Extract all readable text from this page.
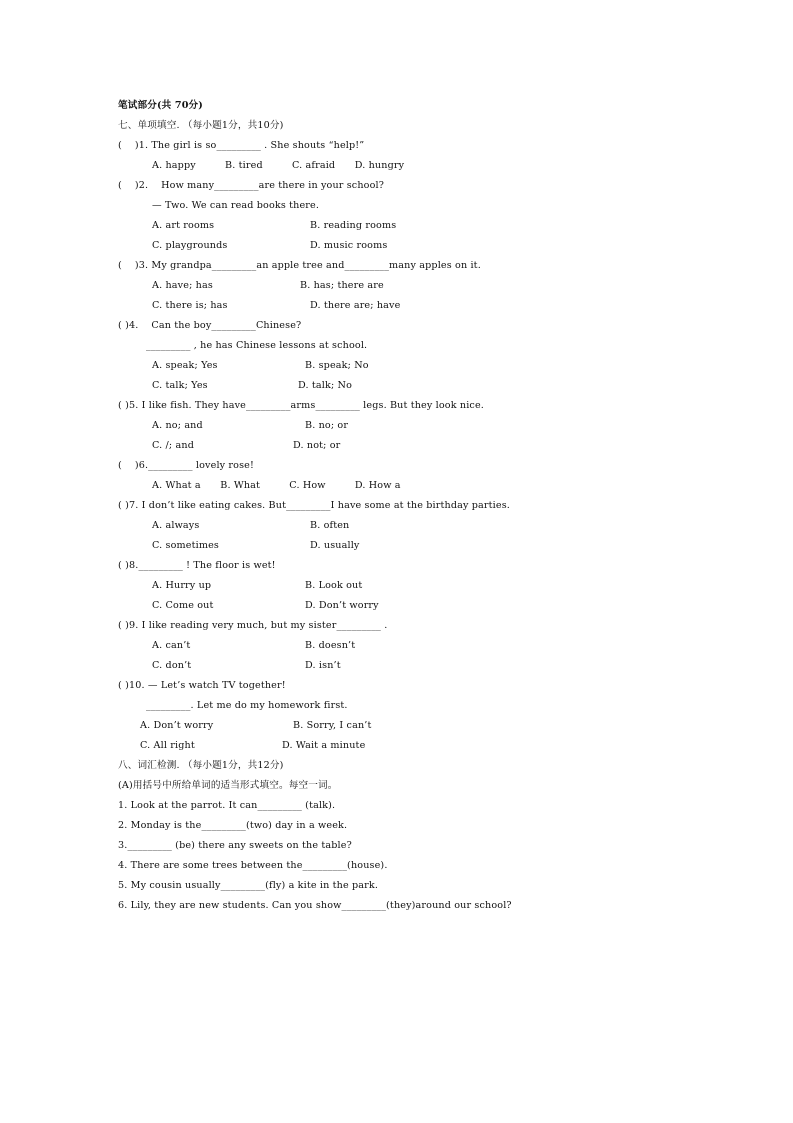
笔试部分(共 70分)
七、单项填空. （每小题1分，共10分)
(　 )1. The girl is so_________ . She shouts “help!”
A. happy　　　B. tired　　　C. afraid　　D. hungry
(　 )2.　 How many_________are there in your school?
— Two. We can read books there.
A. art rooms	B. reading rooms
C. playgrounds	D. music rooms
(　 )3. My grandpa_________an apple tree and_________many apples on it.
A. have; has	B. has; there are
C. there is; has	D. there are; have
( )4.　 Can the boy_________Chinese?
_________ , he has Chinese lessons at school.
A. speak; Yes	B. speak; No
C. talk; Yes	D. talk; No
( )5. I like fish. They have_________arms_________ legs. But they look nice.
A. no; and	B. no; or
C. /; and	D. not; or
(　 )6._________ lovely rose!
A. What a　　B. What　　　C. How　　　D. How a
( )7. I don’t like eating cakes. But_________I have some at the birthday parties.
A. always	B. often
C. sometimes	D. usually
( )8._________ ! The floor is wet!
A. Hurry up	B. Look out
C. Come out	D. Don’t worry
( )9. I like reading very much, but my sister_________ .
A. can’t	B. doesn’t
C. don’t	D. isn’t
( )10. — Let’s watch TV together!
_________. Let me do my homework first.
A. Don’t worry	B. Sorry, I can’t
C. All right	D. Wait a minute
八、词汇检测. （每小题1分，共12分)
(A)用括号中所给单词的适当形式填空。每空一词。
1. Look at the parrot. It can_________ (talk).
2. Monday is the_________(two) day in a week.
3._________ (be) there any sweets on the table?
4. There are some trees between the_________(house).
5. My cousin usually_________(fly) a kite in the park.
6. Lily, they are new students. Can you show_________(they)around our school?
